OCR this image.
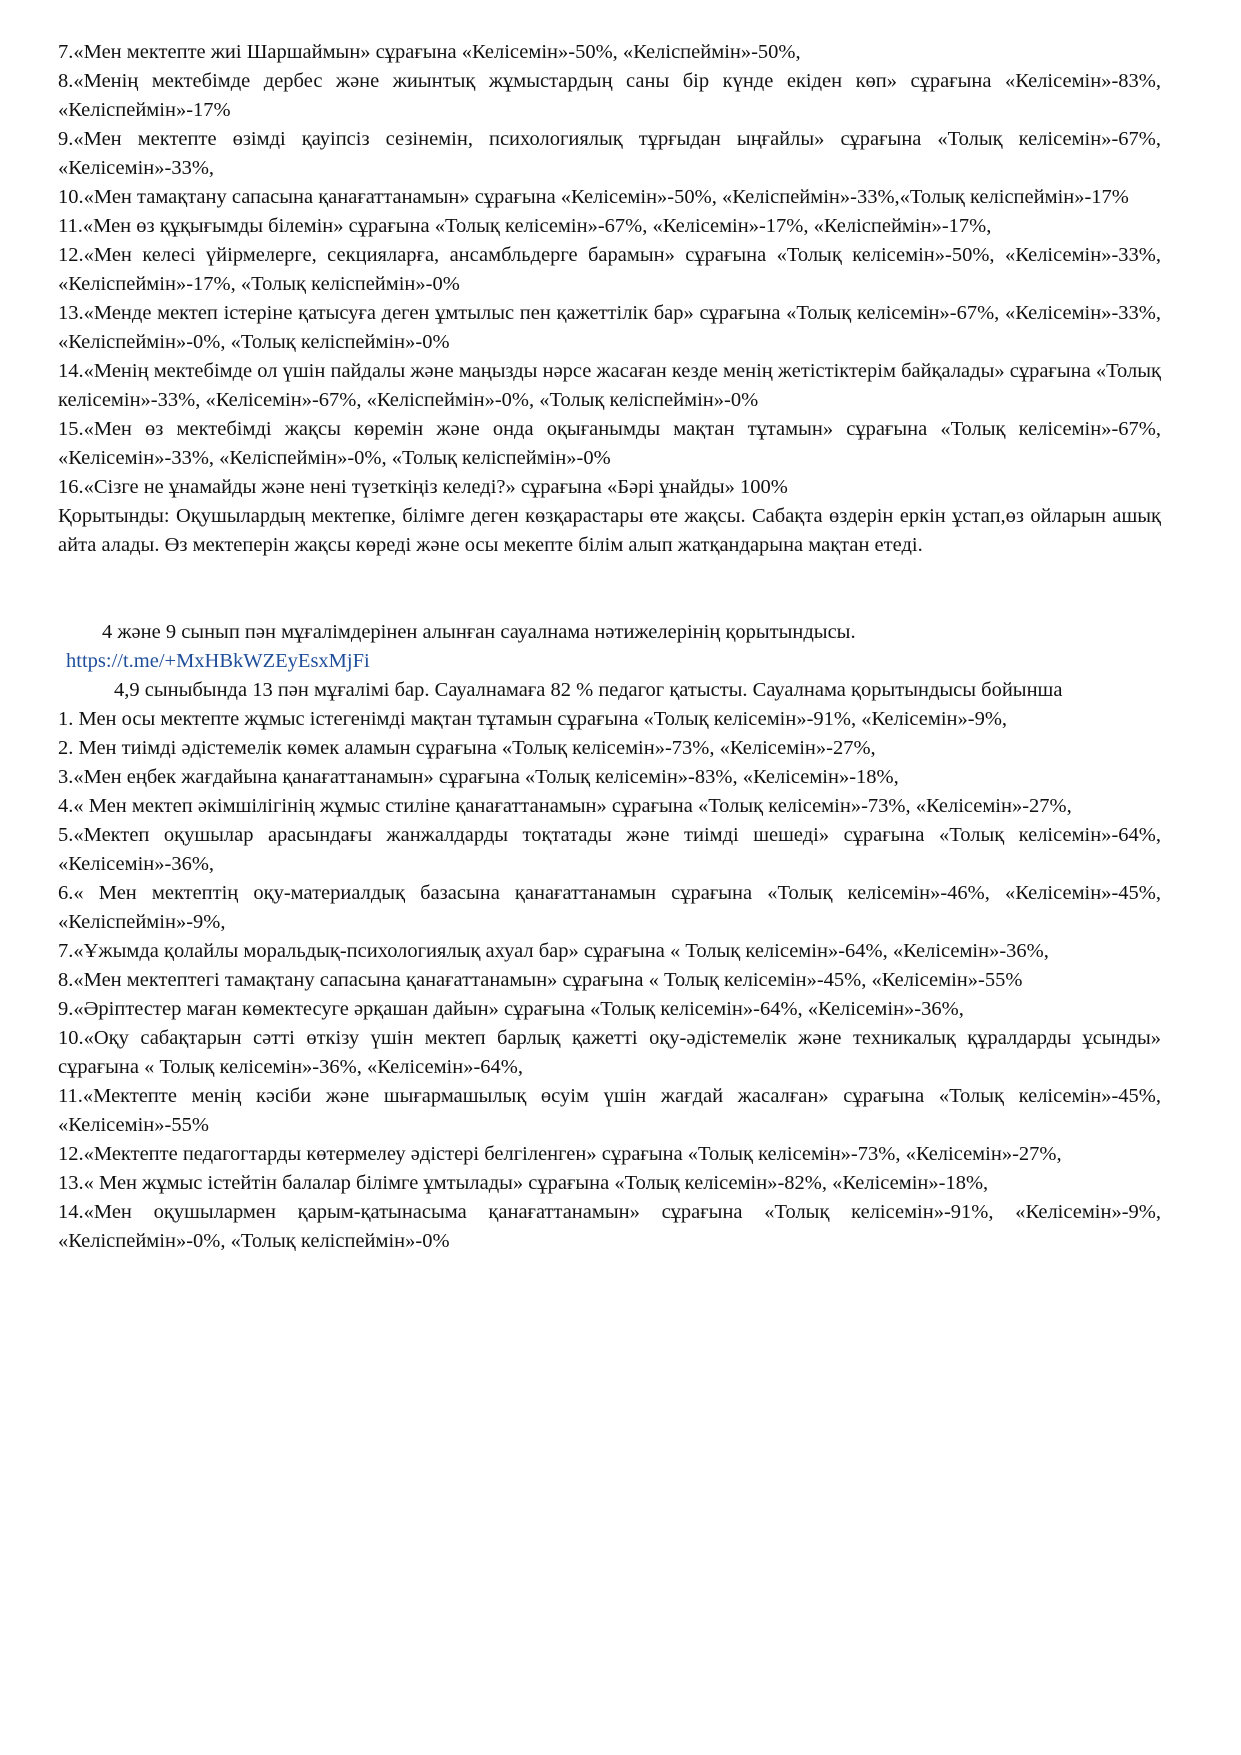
7.«Мен мектепте жиі Шаршаймын» сұрағына «Келісемін»-50%, «Келіспеймін»-50%,

8.«Менің мектебімде дербес және жиынтық жұмыстардың саны бір күнде екіден көп» сұрағына «Келісемін»-83%, «Келіспеймін»-17%

9.«Мен мектепте өзімді қауіпсіз сезінемін, психологиялық тұрғыдан ыңғайлы» сұрағына «Толық келісемін»-67%, «Келісемін»-33%,

10.«Мен тамақтану сапасына қанағаттанамын» сұрағына «Келісемін»-50%, «Келіспеймін»-33%,«Толық келіспеймін»-17%

11.«Мен өз құқығымды білемін» сұрағына «Толық келісемін»-67%, «Келісемін»-17%, «Келіспеймін»-17%,

12.«Мен келесі үйірмелерге, секцияларға, ансамбльдерге барамын» сұрағына «Толық келісемін»-50%, «Келісемін»-33%, «Келіспеймін»-17%, «Толық келіспеймін»-0%

13.«Менде мектеп істеріне қатысуға деген ұмтылыс пен қажеттілік бар» сұрағына «Толық келісемін»-67%, «Келісемін»-33%, «Келіспеймін»-0%, «Толық келіспеймін»-0%

14.«Менің мектебімде ол үшін пайдалы және маңызды нәрсе жасаған кезде менің жетістіктерім байқалады» сұрағына «Толық келісемін»-33%, «Келісемін»-67%, «Келіспеймін»-0%, «Толық келіспеймін»-0%

15.«Мен өз мектебімді жақсы көремін және онда оқығанымды мақтан тұтамын» сұрағына «Толық келісемін»-67%, «Келісемін»-33%, «Келіспеймін»-0%, «Толық келіспеймін»-0%

16.«Сізге не ұнамайды және нені түзеткіңіз келеді?» сұрағына «Бәрі ұнайды» 100%

Қорытынды: Оқушылардың мектепке, білімге деген көзқарастары өте жақсы. Сабақта өздерін еркін ұстап,өз ойларын ашық айта алады. Өз мектеперін жақсы көреді және осы мекепте білім алып жатқандарына мақтан етеді.

4 және 9 сынып пән мұғалімдерінен алынған сауалнама нәтижелерінің қорытындысы.

https://t.me/+MxHBkWZEyEsxMjFi

4,9 сыныбында 13 пән мұғалімі бар. Сауалнамаға 82 % педагог қатысты. Сауалнама қорытындысы бойынша

1. Мен осы мектепте жұмыс істегенімді мақтан тұтамын сұрағына «Толық келісемін»-91%, «Келісемін»-9%,

2. Мен тиімді әдістемелік көмек аламын сұрағына «Толық келісемін»-73%, «Келісемін»-27%,

3.«Мен еңбек жағдайына қанағаттанамын» сұрағына «Толық келісемін»-83%, «Келісемін»-18%,

4.« Мен мектеп әкімшілігінің жұмыс стиліне қанағаттанамын» сұрағына «Толық келісемін»-73%, «Келісемін»-27%,

5.«Мектеп оқушылар арасындағы жанжалдарды тоқтатады және тиімді шешеді» сұрағына «Толық келісемін»-64%, «Келісемін»-36%,

6.« Мен мектептің оқу-материалдық базасына қанағаттанамын сұрағына «Толық келісемін»-46%, «Келісемін»-45%, «Келіспеймін»-9%,

7.«Ұжымда қолайлы моральдық-психологиялық ахуал бар» сұрағына « Толық келісемін»-64%, «Келісемін»-36%,

8.«Мен мектептегі тамақтану сапасына қанағаттанамын» сұрағына « Толық келісемін»-45%, «Келісемін»-55%

9.«Әріптестер маған көмектесуге әрқашан дайын» сұрағына «Толық келісемін»-64%, «Келісемін»-36%,

10.«Оқу сабақтарын сәтті өткізу үшін мектеп барлық қажетті оқу-әдістемелік және техникалық құралдарды ұсынды» сұрағына « Толық келісемін»-36%, «Келісемін»-64%,

11.«Мектепте менің кәсіби және шығармашылық өсуім үшін жағдай жасалған» сұрағына «Толық келісемін»-45%, «Келісемін»-55%

12.«Мектепте педагогтарды көтермелеу әдістері белгіленген» сұрағына «Толық келісемін»-73%, «Келісемін»-27%,

13.« Мен жұмыс істейтін балалар білімге ұмтылады» сұрағына «Толық келісемін»-82%, «Келісемін»-18%,

14.«Мен оқушылармен қарым-қатынасыма қанағаттанамын» сұрағына «Толық келісемін»-91%, «Келісемін»-9%, «Келіспеймін»-0%, «Толық келіспеймін»-0%
